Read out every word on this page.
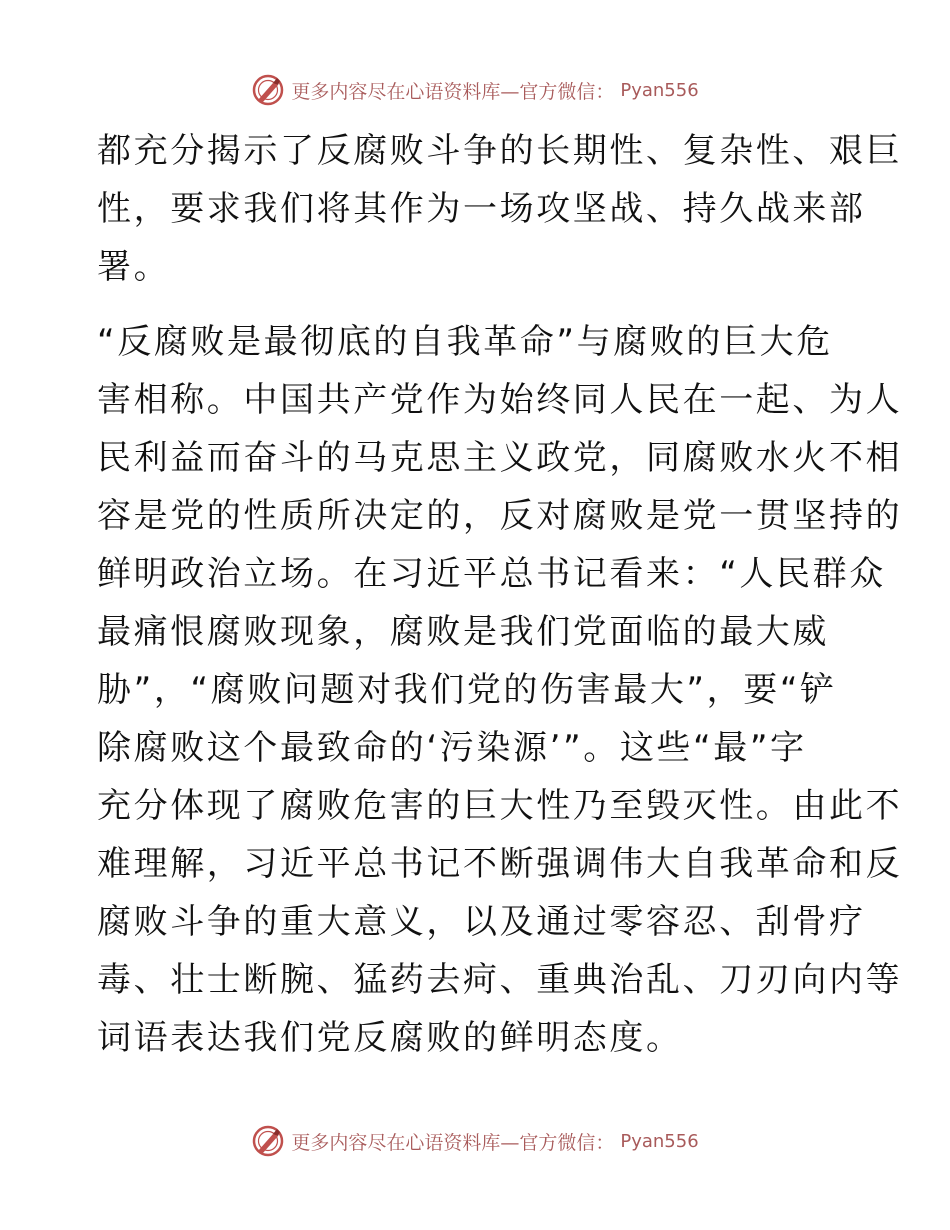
更多内容尽在心语资料库—官方微信： Pyan556

都充分揭示了反腐败斗争的长期性、复杂性、艰巨

性，要求我们将其作为一场攻坚战、持久战来部

署。

“反腐败是最彻底的自我革命”与腐败的巨大危

害相称。中国共产党作为始终同人民在一起、为人

民利益而奋斗的马克思主义政党，同腐败水火不相

容是党的性质所决定的，反对腐败是党一贯坚持的

鲜明政治立场。在习近平总书记看来：“人民群众

最痛恨腐败现象，腐败是我们党面临的最大威

胁”，“腐败问题对我们党的伤害最大”，要“铲

除腐败这个最致命的‘污染源’”。这些“最”字

充分体现了腐败危害的巨大性乃至毁灭性。由此不

难理解，习近平总书记不断强调伟大自我革命和反

腐败斗争的重大意义，以及通过零容忍、刮骨疗

毒、壮士断腕、猛药去疴、重典治乱、刀刃向内等

词语表达我们党反腐败的鲜明态度。

更多内容尽在心语资料库—官方微信： Pyan556
